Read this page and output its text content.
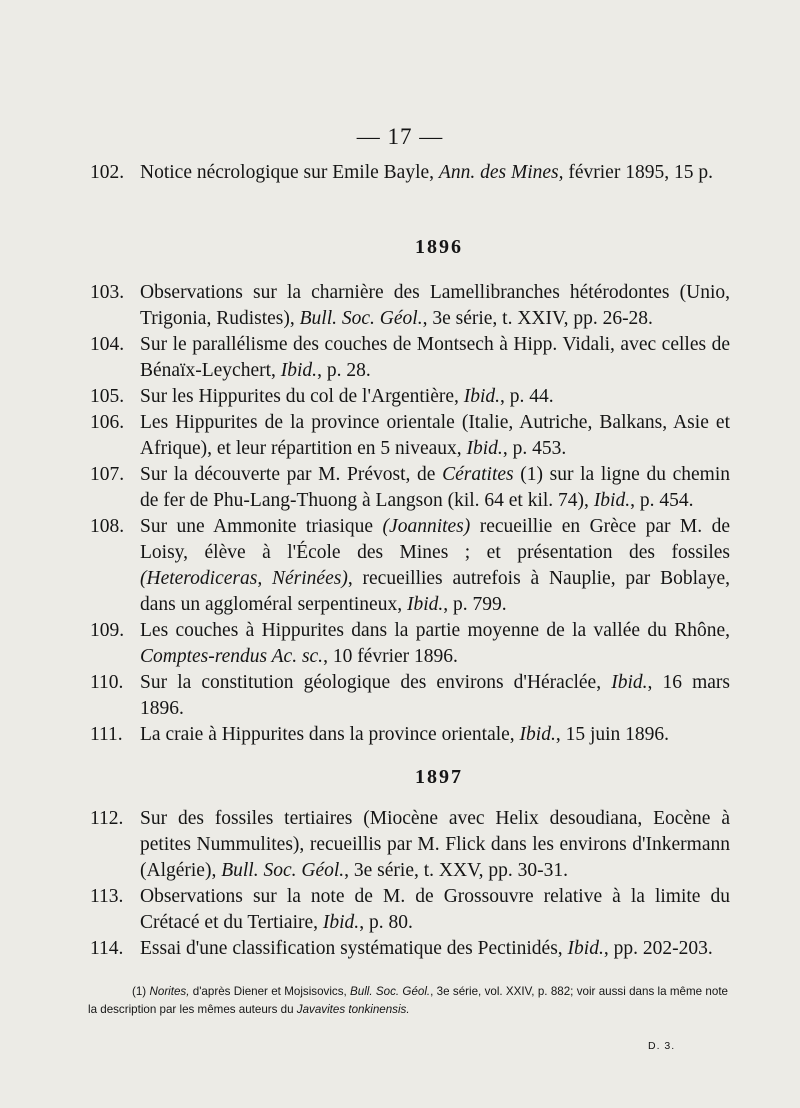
— 17 —

102. Notice nécrologique sur Emile Bayle, Ann. des Mines, février 1895, 15 p.

1896

103. Observations sur la charnière des Lamellibranches hétérodontes (Unio, Trigonia, Rudistes), Bull. Soc. Géol., 3e série, t. XXIV, pp. 26-28.

104. Sur le parallélisme des couches de Montsech à Hipp. Vidali, avec celles de Bénaïx-Leychert, Ibid., p. 28.

105. Sur les Hippurites du col de l'Argentière, Ibid., p. 44.

106. Les Hippurites de la province orientale (Italie, Autriche, Balkans, Asie et Afrique), et leur répartition en 5 niveaux, Ibid., p. 453.

107. Sur la découverte par M. Prévost, de Cératites (1) sur la ligne du chemin de fer de Phu-Lang-Thuong à Langson (kil. 64 et kil. 74), Ibid., p. 454.

108. Sur une Ammonite triasique (Joannites) recueillie en Grèce par M. de Loisy, élève à l'École des Mines ; et présentation des fossiles (Heterodiceras, Nérinées), recueillies autrefois à Nauplie, par Boblaye, dans un aggloméral serpentineux, Ibid., p. 799.

109. Les couches à Hippurites dans la partie moyenne de la vallée du Rhône, Comptes-rendus Ac. sc., 10 février 1896.

110. Sur la constitution géologique des environs d'Héraclée, Ibid., 16 mars 1896.

111. La craie à Hippurites dans la province orientale, Ibid., 15 juin 1896.

1897

112. Sur des fossiles tertiaires (Miocène avec Helix desoudiana, Eocène à petites Nummulites), recueillis par M. Flick dans les environs d'Inkermann (Algérie), Bull. Soc. Géol., 3e série, t. XXV, pp. 30-31.

113. Observations sur la note de M. de Grossouvre relative à la limite du Crétacé et du Tertiaire, Ibid., p. 80.

114. Essai d'une classification systématique des Pectinidés, Ibid., pp. 202-203.

(1) Norites, d'après Diener et Mojsisovics, Bull. Soc. Géol., 3e série, vol. XXIV, p. 882; voir aussi dans la même note la description par les mêmes auteurs du Javavites tonkinensis.
D. 3.
